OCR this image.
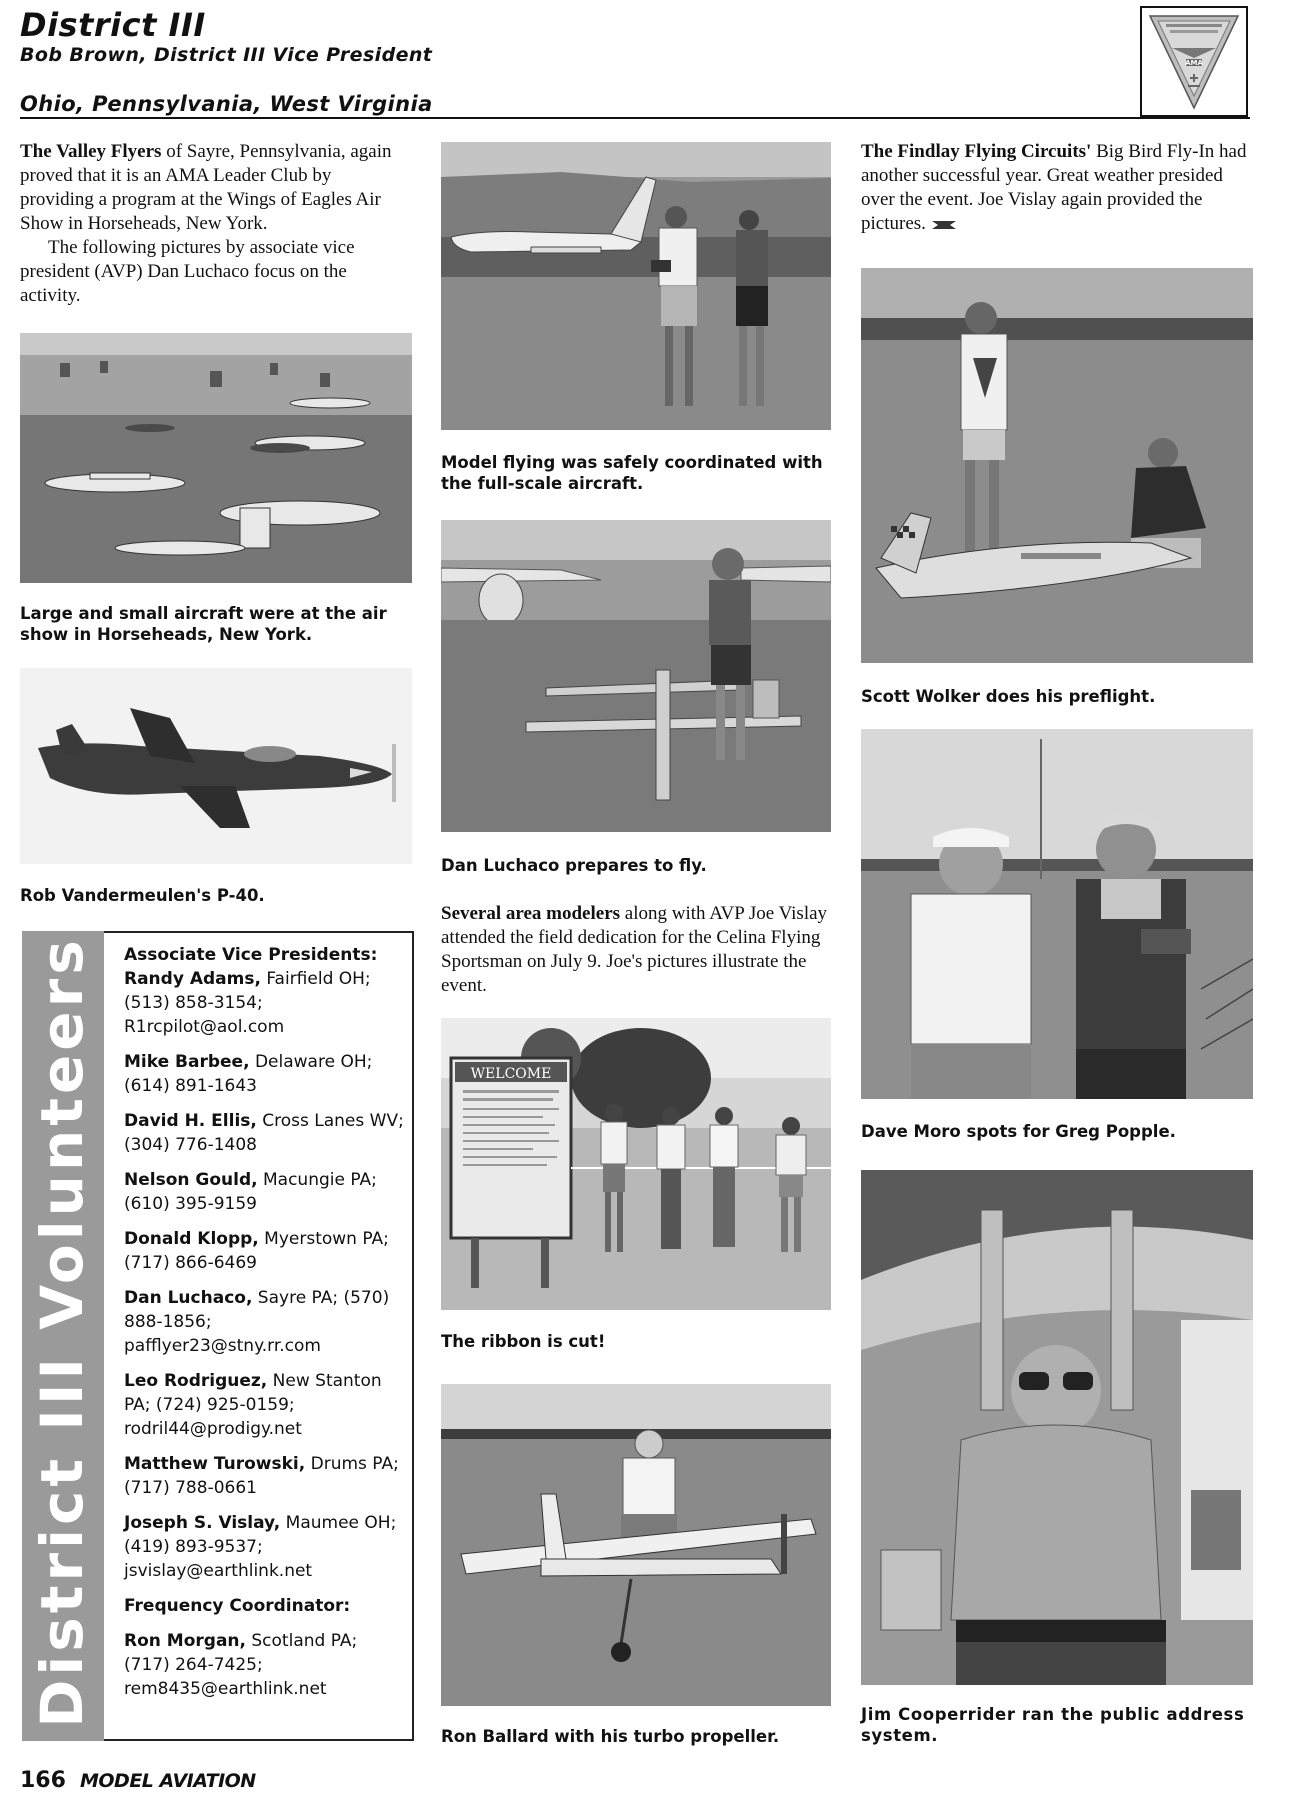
District III
Bob Brown, District III Vice President
Ohio, Pennsylvania, West Virginia
AMA
The Valley Flyers of Sayre, Pennsylvania, again proved that it is an AMA Leader Club by providing a program at the Wings of Eagles Air Show in Horseheads, New York.
The following pictures by associate vice president (AVP) Dan Luchaco focus on the activity.
Large and small aircraft were at the air show in Horseheads, New York.
Rob Vandermeulen's P-40.
District III Volunteers	Associate Vice Presidents:
Randy Adams, Fairfield OH; (513) 858-3154; R1rcpilot@aol.com
Mike Barbee, Delaware OH; (614) 891-1643
David H. Ellis, Cross Lanes WV; (304) 776-1408
Nelson Gould, Macungie PA; (610) 395-9159
Donald Klopp, Myerstown PA; (717) 866-6469
Dan Luchaco, Sayre PA; (570) 888-1856; pafflyer23@stny.rr.com
Leo Rodriguez, New Stanton PA; (724) 925-0159; rodril44@prodigy.net
Matthew Turowski, Drums PA; (717) 788-0661
Joseph S. Vislay, Maumee OH; (419) 893-9537; jsvislay@earthlink.net
Frequency Coordinator:
Ron Morgan, Scotland PA; (717) 264-7425; rem8435@earthlink.net
Model flying was safely coordinated with the full-scale aircraft.
Dan Luchaco prepares to fly.
Several area modelers along with AVP Joe Vislay attended the field dedication for the Celina Flying Sportsman on July 9. Joe's pictures illustrate the event.
WELCOME
The ribbon is cut!
Ron Ballard with his turbo propeller.
The Findlay Flying Circuits' Big Bird Fly-In had another successful year. Great weather presided over the event. Joe Vislay again provided the pictures.
Scott Wolker does his preflight.
Dave Moro spots for Greg Popple.
Jim Cooperrider ran the public address system.
166 MODEL AVIATION
